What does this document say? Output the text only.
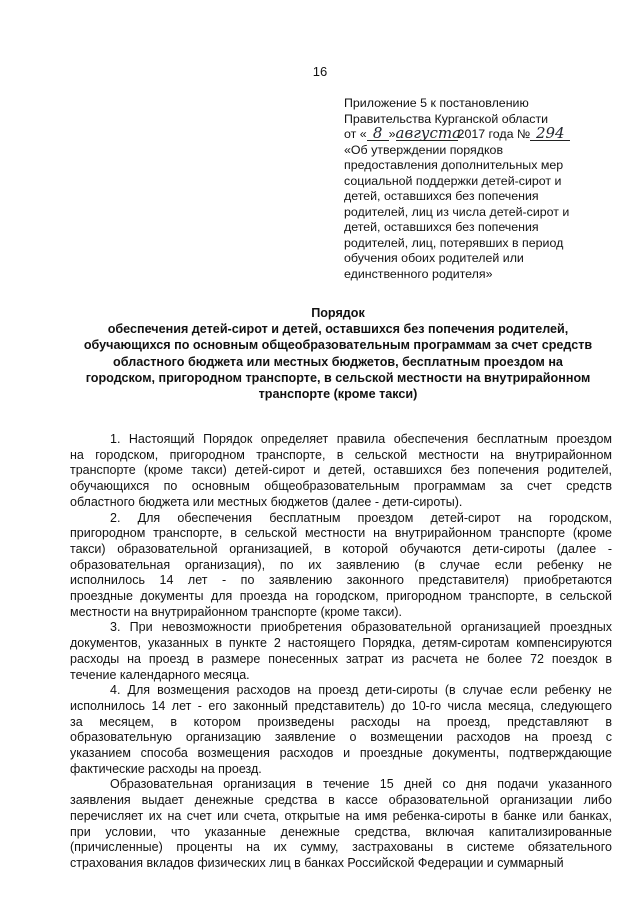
16
Приложение 5 к постановлению
Правительства Курганской области
от « 8 »августа2017 года № 294
«Об утверждении порядков
предоставления дополнительных мер
социальной поддержки детей-сирот и
детей, оставшихся без попечения
родителей, лиц из числа детей-сирот и
детей, оставшихся без попечения
родителей, лиц, потерявших в период
обучения обоих родителей или
единственного родителя»
Порядок
обеспечения детей-сирот и детей, оставшихся без попечения родителей,
обучающихся по основным общеобразовательным программам за счет средств
областного бюджета или местных бюджетов, бесплатным проездом на
городском, пригородном транспорте, в сельской местности на внутрирайонном
транспорте (кроме такси)
1. Настоящий Порядок определяет правила обеспечения бесплатным проездом
на городском, пригородном транспорте, в сельской местности на внутрирайонном
транспорте (кроме такси) детей-сирот и детей, оставшихся без попечения родителей,
обучающихся по основным общеобразовательным программам за счет средств
областного бюджета или местных бюджетов (далее - дети-сироты).
2. Для обеспечения бесплатным проездом детей-сирот на городском,
пригородном транспорте, в сельской местности на внутрирайонном транспорте (кроме
такси) образовательной организацией, в которой обучаются дети-сироты (далее -
образовательная организация), по их заявлению (в случае если ребенку не
исполнилось 14 лет - по заявлению законного представителя) приобретаются
проездные документы для проезда на городском, пригородном транспорте, в сельской
местности на внутрирайонном транспорте (кроме такси).
3. При невозможности приобретения образовательной организацией проездных
документов, указанных в пункте 2 настоящего Порядка, детям-сиротам компенсируются
расходы на проезд в размере понесенных затрат из расчета не более 72 поездок в
течение календарного месяца.
4. Для возмещения расходов на проезд дети-сироты (в случае если ребенку не
исполнилось 14 лет - его законный представитель) до 10-го числа месяца, следующего
за месяцем, в котором произведены расходы на проезд, представляют в
образовательную организацию заявление о возмещении расходов на проезд с
указанием способа возмещения расходов и проездные документы, подтверждающие
фактические расходы на проезд.
Образовательная организация в течение 15 дней со дня подачи указанного
заявления выдает денежные средства в кассе образовательной организации либо
перечисляет их на счет или счета, открытые на имя ребенка-сироты в банке или банках,
при условии, что указанные денежные средства, включая капитализированные
(причисленные) проценты на их сумму, застрахованы в системе обязательного
страхования вкладов физических лиц в банках Российской Федерации и суммарный
